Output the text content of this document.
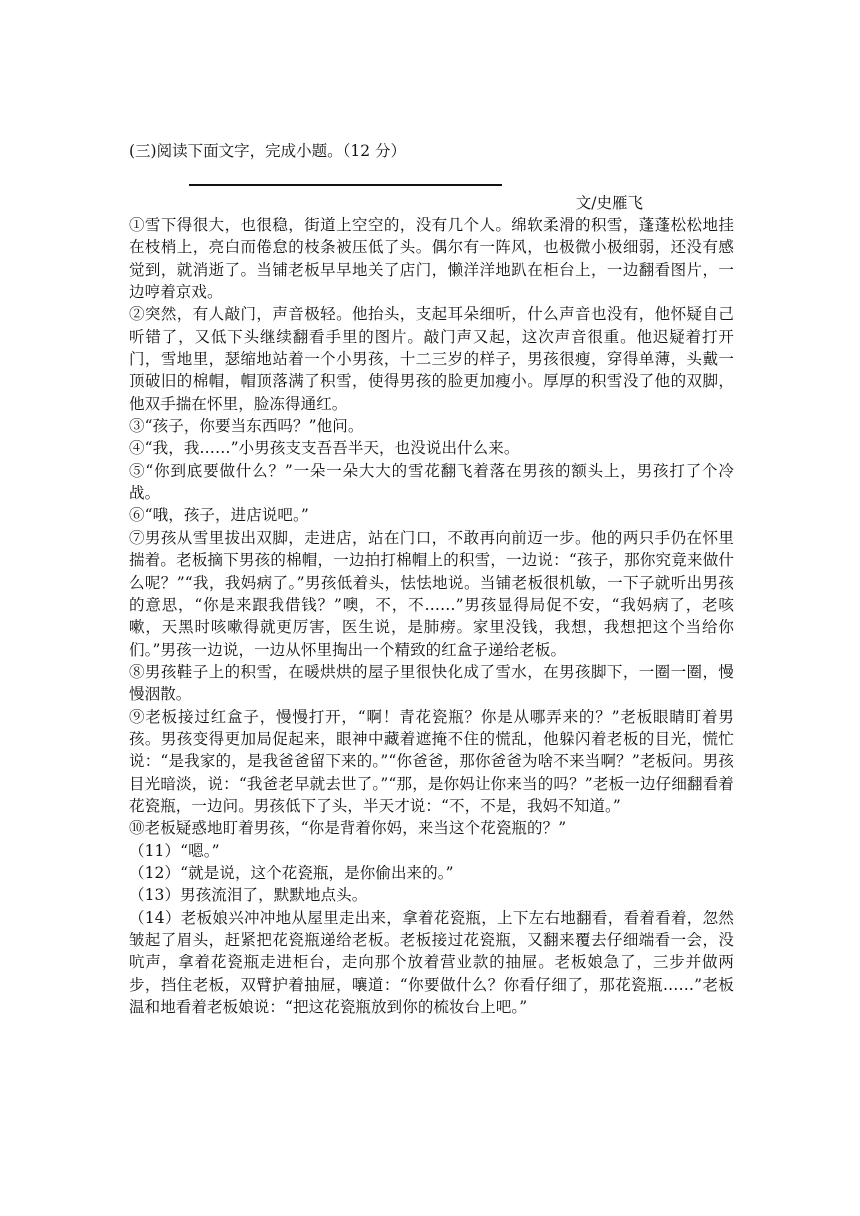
(三)阅读下面文字，完成小题。（12 分）

文/史雁飞

①雪下得很大，也很稳，街道上空空的，没有几个人。绵软柔滑的积雪，蓬蓬松松地挂在枝梢上，亮白而倦怠的枝条被压低了头。偶尔有一阵风，也极微小极细弱，还没有感觉到，就消逝了。当铺老板早早地关了店门，懒洋洋地趴在柜台上，一边翻看图片，一边哼着京戏。

②突然，有人敲门，声音极轻。他抬头，支起耳朵细听，什么声音也没有，他怀疑自己听错了，又低下头继续翻看手里的图片。敲门声又起，这次声音很重。他迟疑着打开门，雪地里，瑟缩地站着一个小男孩，十二三岁的样子，男孩很瘦，穿得单薄，头戴一顶破旧的棉帽，帽顶落满了积雪，使得男孩的脸更加瘦小。厚厚的积雪没了他的双脚，他双手揣在怀里，脸冻得通红。

③“孩子，你要当东西吗？”他问。

④“我，我……”小男孩支支吾吾半天，也没说出什么来。

⑤“你到底要做什么？”一朵一朵大大的雪花翻飞着落在男孩的额头上，男孩打了个冷战。

⑥“哦，孩子，进店说吧。”

⑦男孩从雪里拔出双脚，走进店，站在门口，不敢再向前迈一步。他的两只手仍在怀里揣着。老板摘下男孩的棉帽，一边拍打棉帽上的积雪，一边说：“孩子，那你究竟来做什么呢？”“我，我妈病了。”男孩低着头，怯怯地说。当铺老板很机敏，一下子就听出男孩的意思，“你是来跟我借钱？”噢，不，不……”男孩显得局促不安，“我妈病了，老咳嗽，天黑时咳嗽得就更厉害，医生说，是肺痨。家里没钱，我想，我想把这个当给你们。”男孩一边说，一边从怀里掏出一个精致的红盒子递给老板。

⑧男孩鞋子上的积雪，在暖烘烘的屋子里很快化成了雪水，在男孩脚下，一圈一圈，慢慢洇散。

⑨老板接过红盒子，慢慢打开，“啊！青花瓷瓶？你是从哪弄来的？”老板眼睛盯着男孩。男孩变得更加局促起来，眼神中藏着遮掩不住的慌乱，他躲闪着老板的目光，慌忙说：“是我家的，是我爸爸留下来的。”“你爸爸，那你爸爸为啥不来当啊？”老板问。男孩目光暗淡，说：“我爸老早就去世了。”“那，是你妈让你来当的吗？”老板一边仔细翻看着花瓷瓶，一边问。男孩低下了头，半天才说：“不，不是，我妈不知道。”

⑩老板疑惑地盯着男孩，“你是背着你妈，来当这个花瓷瓶的？”

（11）“嗯。”

（12）“就是说，这个花瓷瓶，是你偷出来的。”

（13）男孩流泪了，默默地点头。

（14）老板娘兴冲冲地从屋里走出来，拿着花瓷瓶，上下左右地翻看，看着看着，忽然皱起了眉头，赶紧把花瓷瓶递给老板。老板接过花瓷瓶，又翻来覆去仔细端看一会，没吭声，拿着花瓷瓶走进柜台，走向那个放着营业款的抽屉。老板娘急了，三步并做两步，挡住老板，双臂护着抽屉，嚷道：“你要做什么？你看仔细了，那花瓷瓶……”老板温和地看着老板娘说：“把这花瓷瓶放到你的梳妆台上吧。”
